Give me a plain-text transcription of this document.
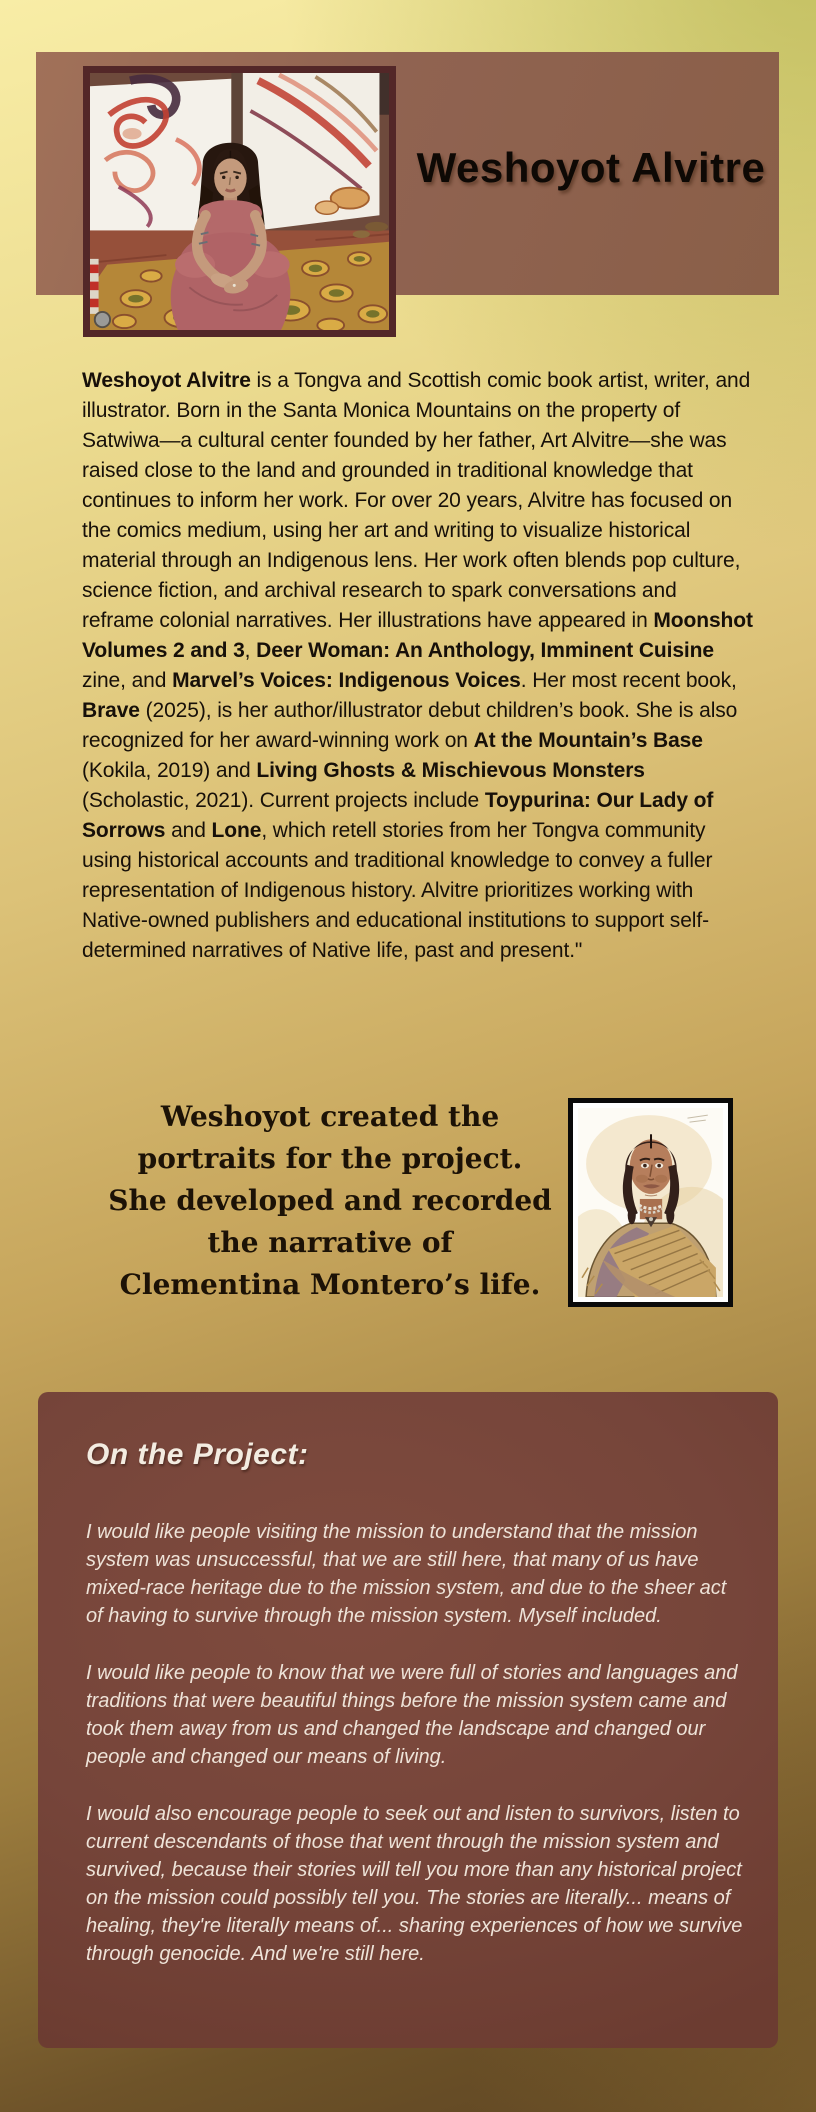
Weshoyot Alvitre

Weshoyot Alvitre is a Tongva and Scottish comic book artist, writer, and illustrator. Born in the Santa Monica Mountains on the property of Satwiwa—a cultural center founded by her father, Art Alvitre—she was raised close to the land and grounded in traditional knowledge that continues to inform her work. For over 20 years, Alvitre has focused on the comics medium, using her art and writing to visualize historical material through an Indigenous lens. Her work often blends pop culture, science fiction, and archival research to spark conversations and reframe colonial narratives. Her illustrations have appeared in Moonshot Volumes 2 and 3, Deer Woman: An Anthology, Imminent Cuisine zine, and Marvel’s Voices: Indigenous Voices. Her most recent book, Brave (2025), is her author/illustrator debut children’s book. She is also recognized for her award-winning work on At the Mountain’s Base (Kokila, 2019) and Living Ghosts & Mischievous Monsters (Scholastic, 2021). Current projects include Toypurina: Our Lady of Sorrows and Lone, which retell stories from her Tongva community using historical accounts and traditional knowledge to convey a fuller representation of Indigenous history. Alvitre prioritizes working with Native-owned publishers and educational institutions to support self-determined narratives of Native life, past and present."

Weshoyot created the
portraits for the project.
She developed and recorded
the narrative of
Clementina Montero’s life.
On the Project:

I would like people visiting the mission to understand that the mission system was unsuccessful, that we are still here, that many of us have mixed-race heritage due to the mission system, and due to the sheer act of having to survive through the mission system. Myself included.

I would like people to know that we were full of stories and languages and traditions that were beautiful things before the mission system came and took them away from us and changed the landscape and changed our people and changed our means of living.

I would also encourage people to seek out and listen to survivors, listen to current descendants of those that went through the mission system and survived, because their stories will tell you more than any historical project on the mission could possibly tell you. The stories are literally... means of healing, they're literally means of... sharing experiences of how we survive through genocide. And we're still here.
